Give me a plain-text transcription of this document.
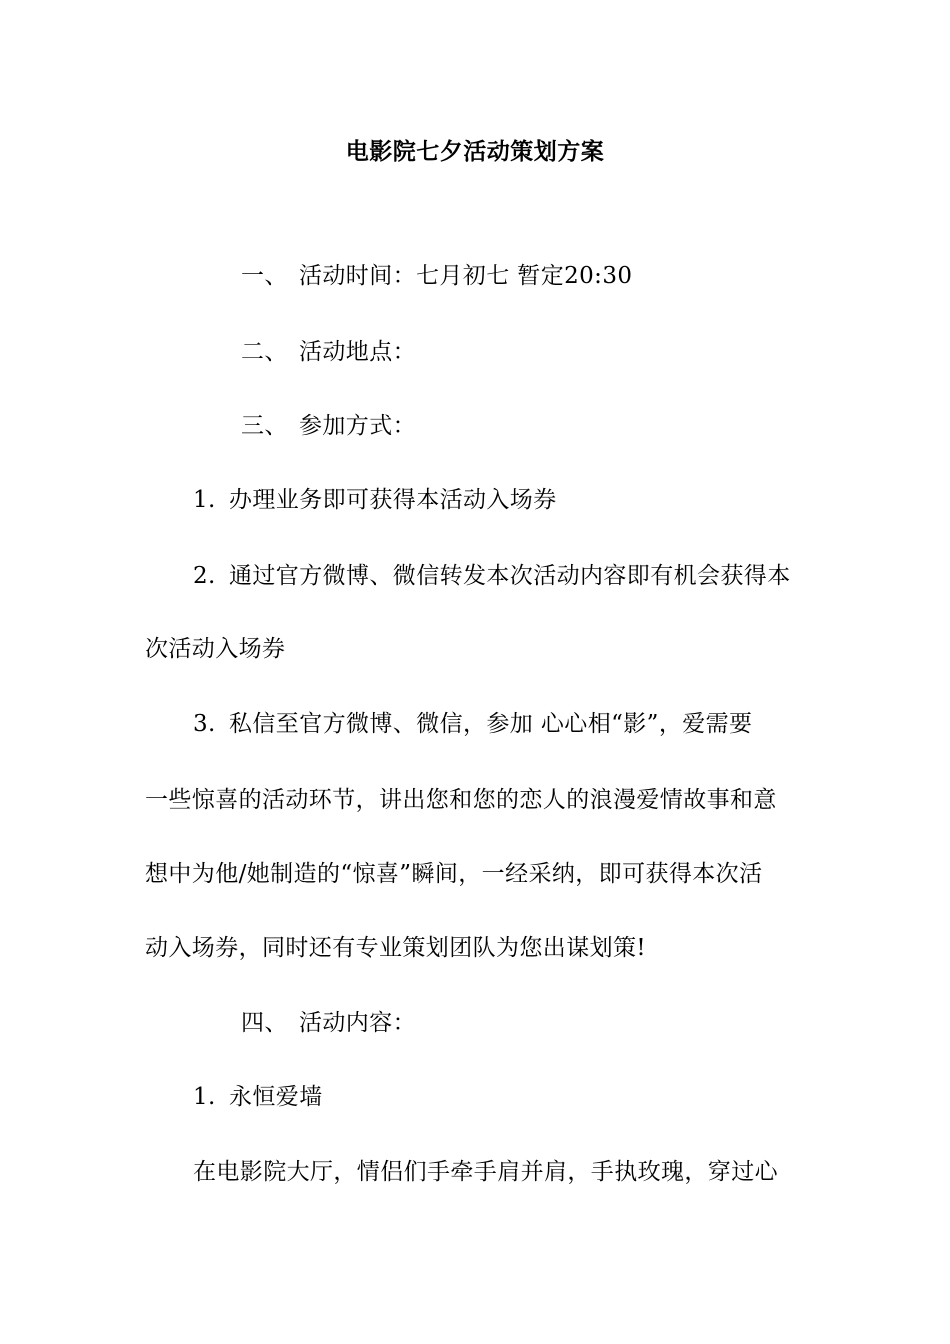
电影院七夕活动策划方案
一、 活动时间：七月初七 暂定20:30
二、 活动地点：
三、 参加方式：
1. 办理业务即可获得本活动入场券
2. 通过官方微博、微信转发本次活动内容即有机会获得本
次活动入场券
3. 私信至官方微博、微信，参加 心心相“影”，爱需要
一些惊喜的活动环节，讲出您和您的恋人的浪漫爱情故事和意
想中为他/她制造的“惊喜”瞬间，一经采纳，即可获得本次活
动入场券，同时还有专业策划团队为您出谋划策!
四、 活动内容：
1. 永恒爱墙
在电影院大厅，情侣们手牵手肩并肩，手执玫瑰，穿过心
